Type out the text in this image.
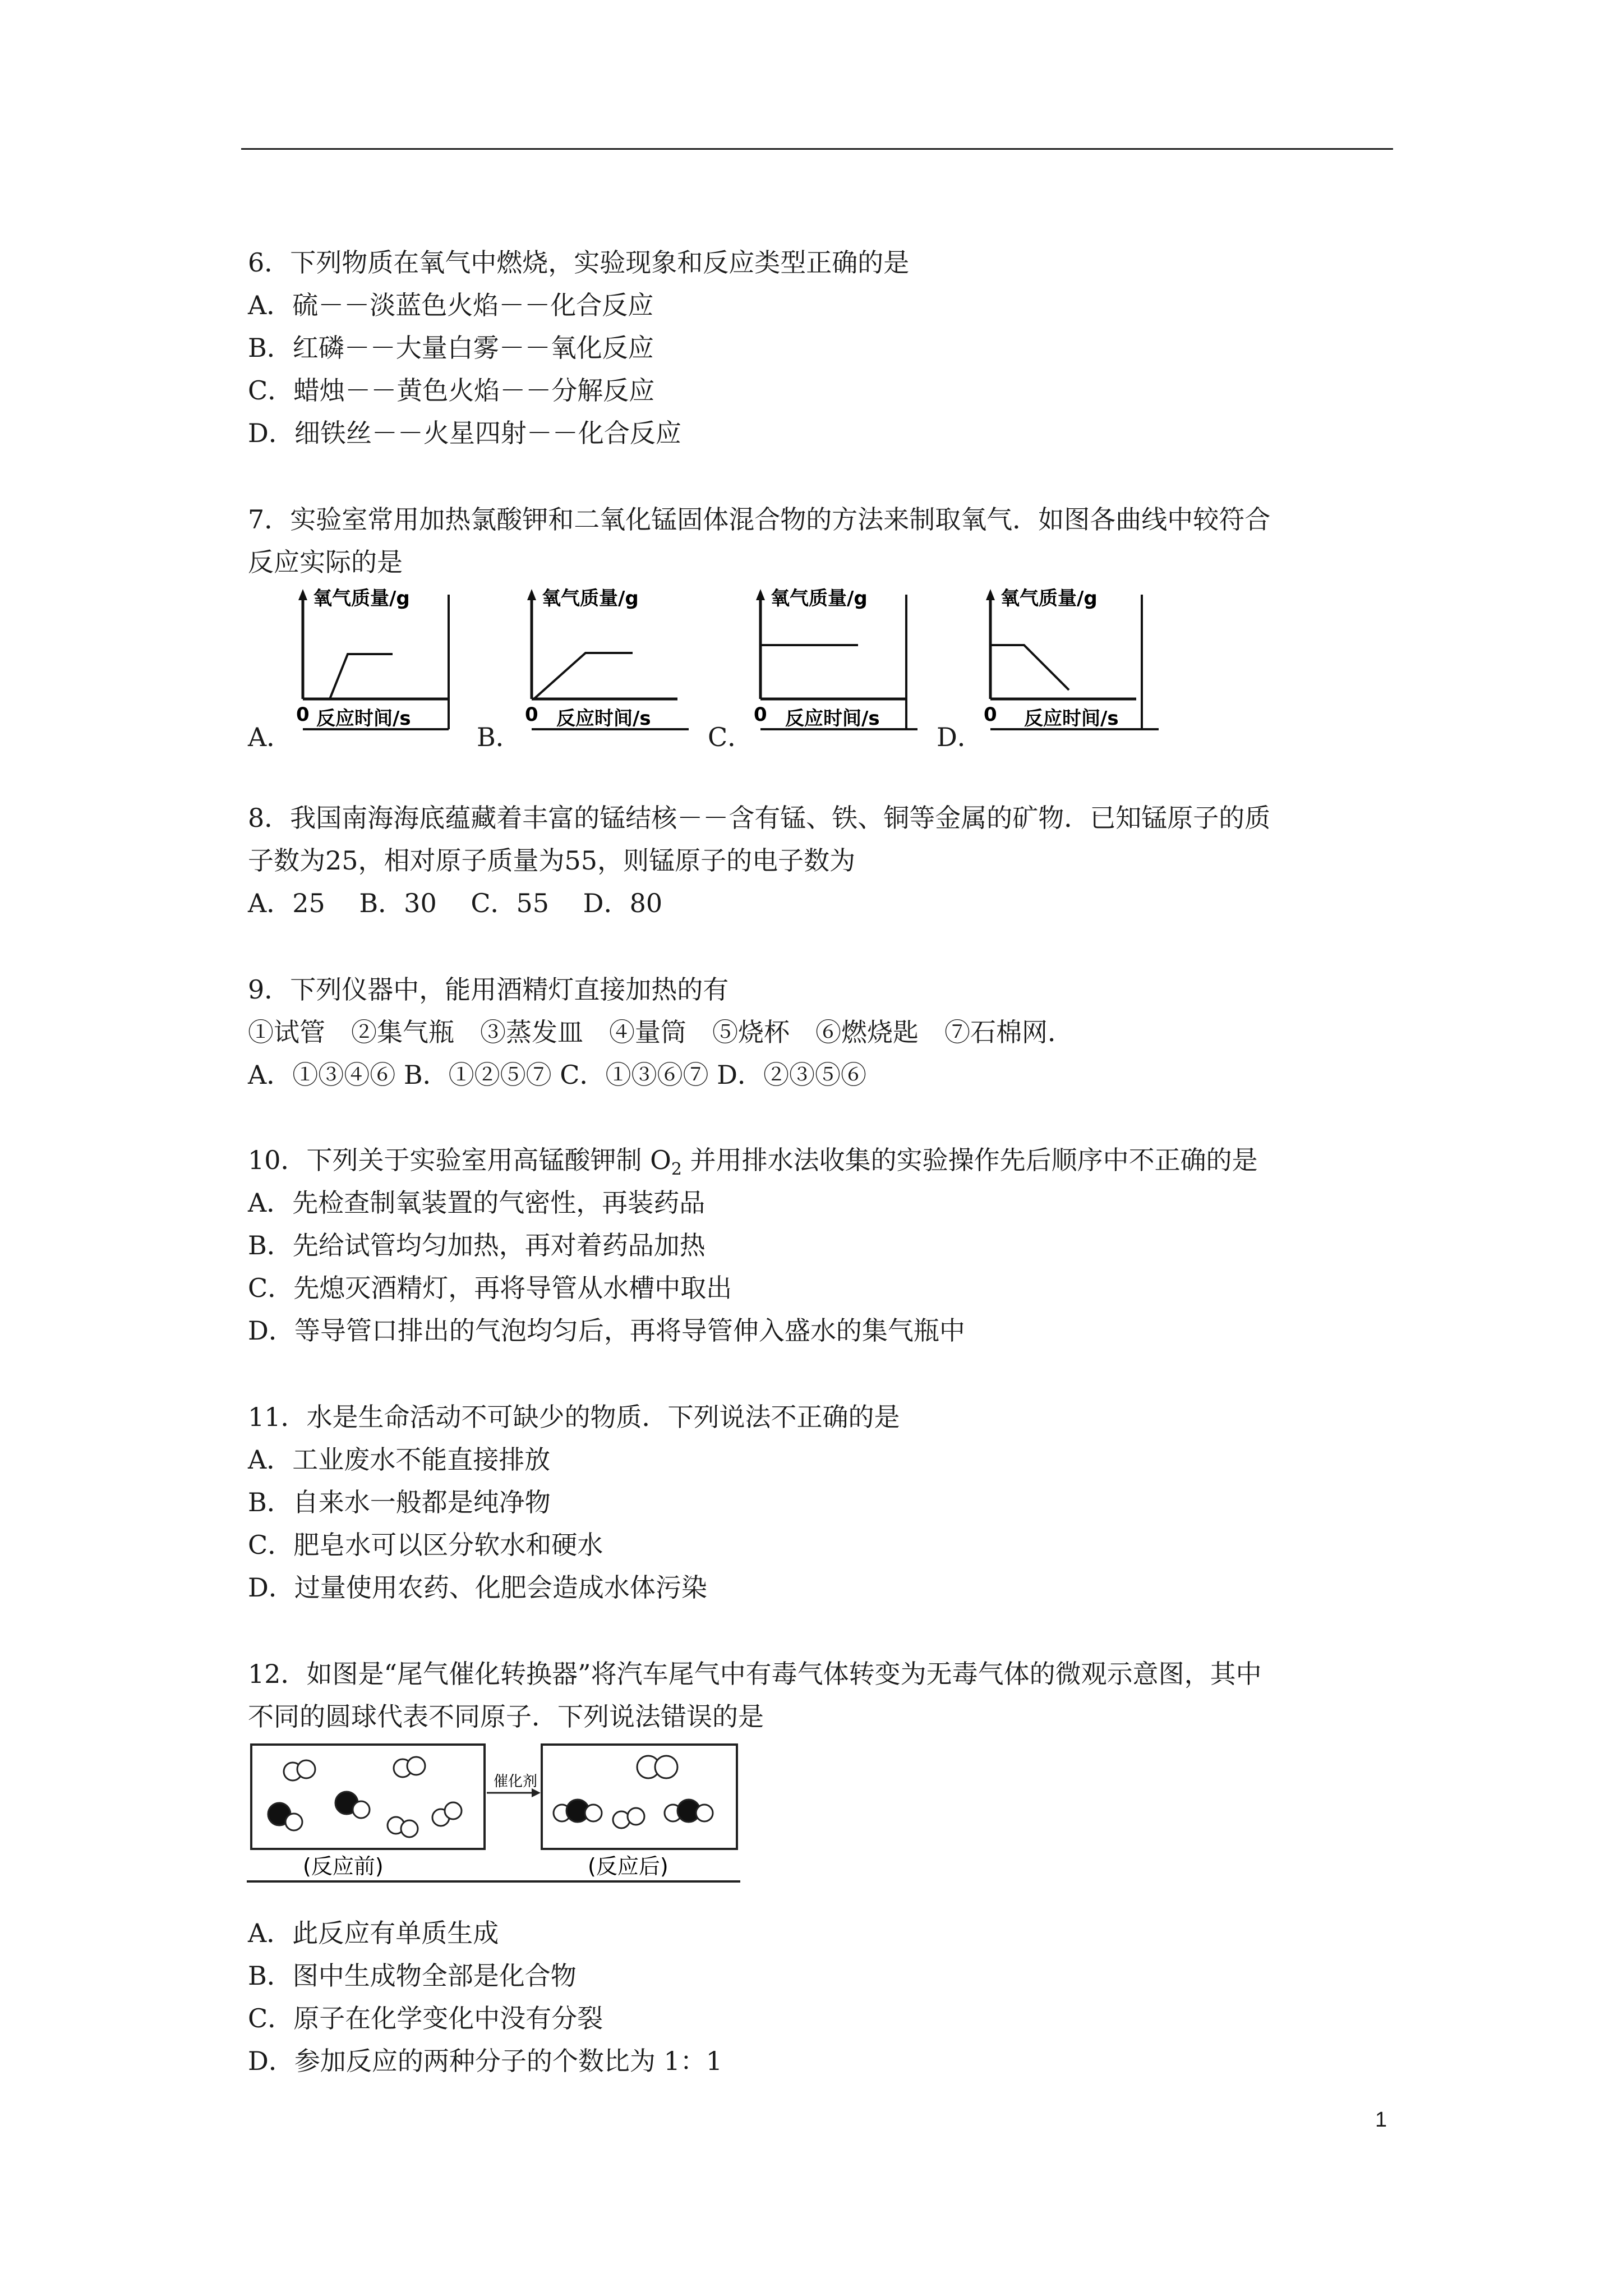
6．下列物质在氧气中燃烧，实验现象和反应类型正确的是
A．硫－－淡蓝色火焰－－化合反应
B．红磷－－大量白雾－－氧化反应
C．蜡烛－－黄色火焰－－分解反应
D．细铁丝－－火星四射－－化合反应
7．实验室常用加热氯酸钾和二氧化锰固体混合物的方法来制取氧气．如图各曲线中较符合
反应实际的是
A．	B．	C．	D．
氧气质量/g
0 反应时间/s
氧气质量/g
0 反应时间/s
氧气质量/g
0 反应时间/s
氧气质量/g
0 反应时间/s
8．我国南海海底蕴藏着丰富的锰结核－－含有锰、铁、铜等金属的矿物．已知锰原子的质
子数为25，相对原子质量为55，则锰原子的电子数为
A．25　 B．30　 C．55　 D．80
9．下列仪器中，能用酒精灯直接加热的有
①试管　②集气瓶　③蒸发皿　④量筒　⑤烧杯　⑥燃烧匙　⑦石棉网．
A．①③④⑥ B．①②⑤⑦ C．①③⑥⑦ D．②③⑤⑥
10．下列关于实验室用高锰酸钾制 $O_2$ 并用排水法收集的实验操作先后顺序中不正确的是
A．先检查制氧装置的气密性，再装药品
B．先给试管均匀加热，再对着药品加热
C．先熄灭酒精灯，再将导管从水槽中取出
D．等导管口排出的气泡均匀后，再将导管伸入盛水的集气瓶中
11．水是生命活动不可缺少的物质．下列说法不正确的是
A．工业废水不能直接排放
B．自来水一般都是纯净物
C．肥皂水可以区分软水和硬水
D．过量使用农药、化肥会造成水体污染
12．如图是“尾气催化转换器”将汽车尾气中有毒气体转变为无毒气体的微观示意图，其中
不同的圆球代表不同原子．下列说法错误的是
催化剂
(反应前)	(反应后)
A．此反应有单质生成
B．图中生成物全部是化合物
C．原子在化学变化中没有分裂
D．参加反应的两种分子的个数比为 1：1
1
